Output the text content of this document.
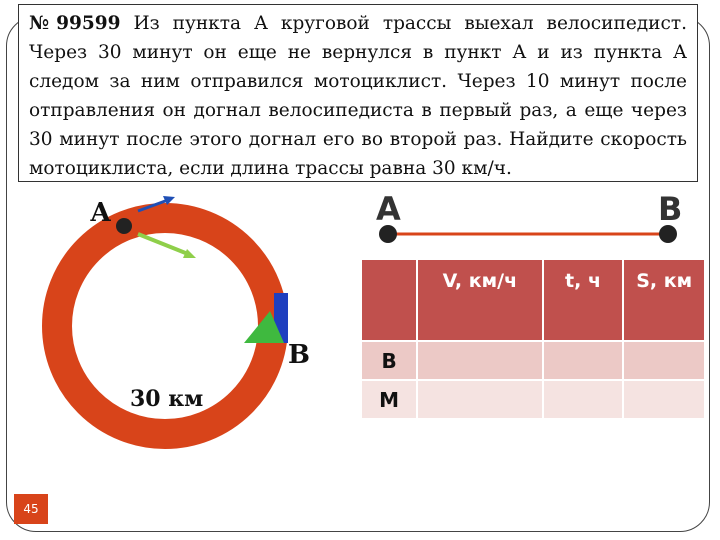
№99599 Из пункта А круговой трассы выехал велосипедист. Через 30 минут он еще не вернулся в пункт А и из пункта А следом за ним отправился мотоциклист. Через 10 минут после отправления он догнал велосипедиста в первый раз, а еще через 30 минут после этого догнал его во второй раз. Найдите скорость мотоциклиста, если длина трассы равна 30 км/ч.

А
В
30 км
А	В
	V, км/ч	t, ч	S, км
В			
М			
45
